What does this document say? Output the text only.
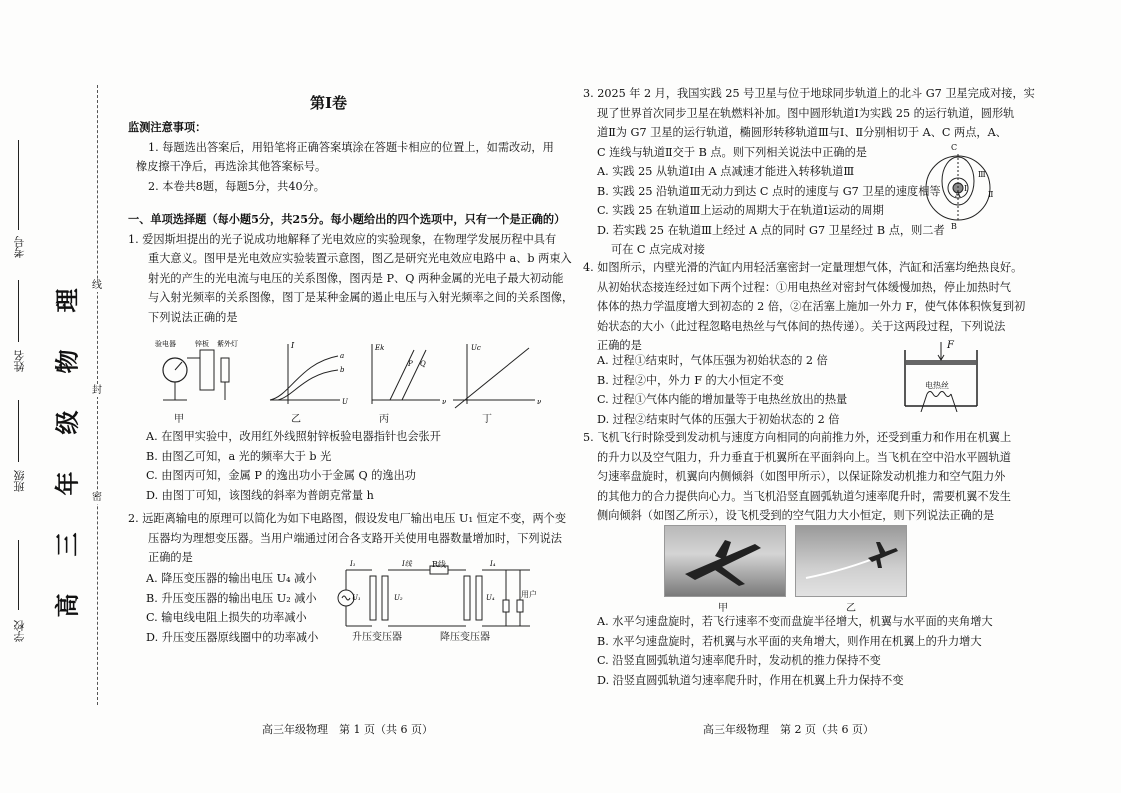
线
封
密
学校
班级
姓名
考号
高
三
年
级
物
理
第Ⅰ卷
监测注意事项：
1. 每题选出答案后，用铅笔将正确答案填涂在答题卡相应的位置上，如需改动，用
橡皮擦干净后，再选涂其他答案标号。
2. 本卷共8题，每题5分，共40分。
一、单项选择题（每小题5分，共25分。每小题给出的四个选项中，只有一个是正确的）
1. 爱因斯坦提出的光子说成功地解释了光电效应的实验现象，在物理学发展历程中具有
重大意义。图甲是光电效应实验装置示意图，图乙是研究光电效应电路中 a、b 两束入
射光的产生的光电流与电压的关系图像，图丙是 P、Q 两种金属的光电子最大初动能
与入射光频率的关系图像，图丁是某种金属的遏止电压与入射光频率之间的关系图像，
下列说法正确的是
验电器	锌板 紫外灯	I
a
b
U
Ek
P Q
ν
Uc
ν
甲	乙	丙	丁
A. 在图甲实验中，改用红外线照射锌板验电器指针也会张开
B. 由图乙可知，a 光的频率大于 b 光
C. 由图丙可知，金属 P 的逸出功小于金属 Q 的逸出功
D. 由图丁可知，该图线的斜率为普朗克常量 h
2. 远距离输电的原理可以简化为如下电路图，假设发电厂输出电压 U₁ 恒定不变，两个变
压器均为理想变压器。当用户端通过闭合各支路开关使用电器数量增加时，下列说法
正确的是
A. 降压变压器的输出电压 U₄ 减小
B. 升压变压器的输出电压 U₂ 减小
C. 输电线电阻上损失的功率减小
D. 升压变压器原线圈中的功率减小
U₁	U₂	U₄
I₁	I线	I₄
R线
用户
升压变压器	降压变压器
高三年级物理　第 1 页（共 6 页）
3. 2025 年 2 月，我国实践 25 号卫星与位于地球同步轨道上的北斗 G7 卫星完成对接，实
现了世界首次同步卫星在轨燃料补加。图中圆形轨道Ⅰ为实践 25 的运行轨道，圆形轨
道Ⅱ为 G7 卫星的运行轨道，椭圆形转移轨道Ⅲ与Ⅰ、Ⅱ分别相切于 A、C 两点，A、
C 连线与轨道Ⅱ交于 B 点。则下列相关说法中正确的是
A. 实践 25 从轨道Ⅰ由 A 点减速才能进入转移轨道Ⅲ
B. 实践 25 沿轨道Ⅲ无动力到达 C 点时的速度与 G7 卫星的速度相等
C. 实践 25 在轨道Ⅲ上运动的周期大于在轨道Ⅰ运动的周期
D. 若实践 25 在轨道Ⅲ上经过 A 点的同时 G7 卫星经过 B 点，则二者
可在 C 点完成对接
C
A
B
Ⅰ
Ⅱ
Ⅲ
4. 如图所示，内壁光滑的汽缸内用轻活塞密封一定量理想气体，汽缸和活塞均绝热良好。
从初始状态接连经过如下两个过程：①用电热丝对密封气体缓慢加热，停止加热时气
体体的热力学温度增大到初态的 2 倍，②在活塞上施加一外力 F，使气体体积恢复到初
始状态的大小（此过程忽略电热丝与气体间的热传递）。关于这两段过程，下列说法
正确的是
A. 过程①结束时，气体压强为初始状态的 2 倍
B. 过程②中，外力 F 的大小恒定不变
C. 过程①气体内能的增加量等于电热丝放出的热量
D. 过程②结束时气体的压强大于初始状态的 2 倍
F
电热丝
5. 飞机飞行时除受到发动机与速度方向相同的向前推力外，还受到重力和作用在机翼上
的升力以及空气阻力，升力垂直于机翼所在平面斜向上。当飞机在空中沿水平圆轨道
匀速率盘旋时，机翼向内侧倾斜（如图甲所示），以保证除发动机推力和空气阻力外
的其他力的合力提供向心力。当飞机沿竖直圆弧轨道匀速率爬升时，需要机翼不发生
侧向倾斜（如图乙所示），设飞机受到的空气阻力大小恒定，则下列说法正确的是
甲	乙
A. 水平匀速盘旋时，若飞行速率不变而盘旋半径增大，机翼与水平面的夹角增大
B. 水平匀速盘旋时，若机翼与水平面的夹角增大，则作用在机翼上的升力增大
C. 沿竖直圆弧轨道匀速率爬升时，发动机的推力保持不变
D. 沿竖直圆弧轨道匀速率爬升时，作用在机翼上升力保持不变
高三年级物理　第 2 页（共 6 页）
